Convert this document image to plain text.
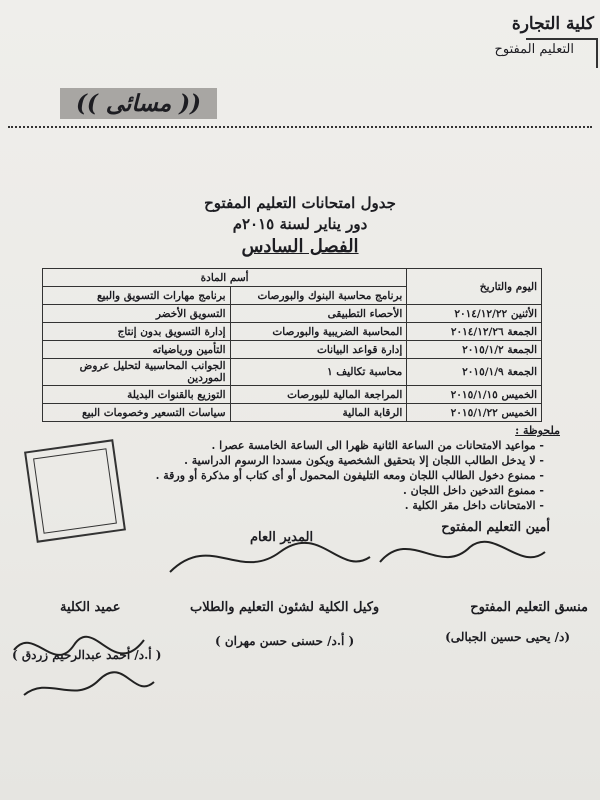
كلية التجارة
التعليم المفتوح
(( مسائى ))
جدول امتحانات التعليم المفتوح
دور يناير لسنة ٢٠١٥م
الفصل السادس
اليوم والتاريخ	أسم المادة	
	برنامج محاسبة البنوك والبورصات	برنامج مهارات التسويق والبيع
الأثنين ٢٠١٤/١٢/٢٢	الأحصاء التطبيقى	التسويق الأخضر
الجمعة ٢٠١٤/١٢/٢٦	المحاسبة الضريبية والبورصات	إدارة التسويق بدون إنتاج
الجمعة ٢٠١٥/١/٢	إدارة قواعد البيانات	التأمين ورياضياته
الجمعة ٢٠١٥/١/٩	محاسبة تكاليف ١	الجوانب المحاسبية لتحليل عروض الموردين
الخميس ٢٠١٥/١/١٥	المراجعة المالية للبورصات	التوزيع بالقنوات البديلة
الخميس ٢٠١٥/١/٢٢	الرقابة المالية	سياسات التسعير وخصومات البيع
ملحوظة :
- مواعيد الامتحانات من الساعة الثانية ظهرا الى الساعة الخامسة عصرا .
- لا يدخل الطالب اللجان إلا بتحقيق الشخصية ويكون مسددا الرسوم الدراسية .
- ممنوع دخول الطالب اللجان ومعه التليفون المحمول أو أى كتاب أو مذكرة أو ورقة .
- ممنوع التدخين داخل اللجان .
- الامتحانات داخل مقر الكلية .
المدير العام
أمين التعليم المفتوح
منسق التعليم المفتوح
وكيل الكلية لشئون التعليم والطلاب
عميد الكلية
(د/ يحيى حسين الجبالى)
( أ.د/ حسنى حسن مهران )
( أ.د/ أحمد عبدالرحيم زردق )
